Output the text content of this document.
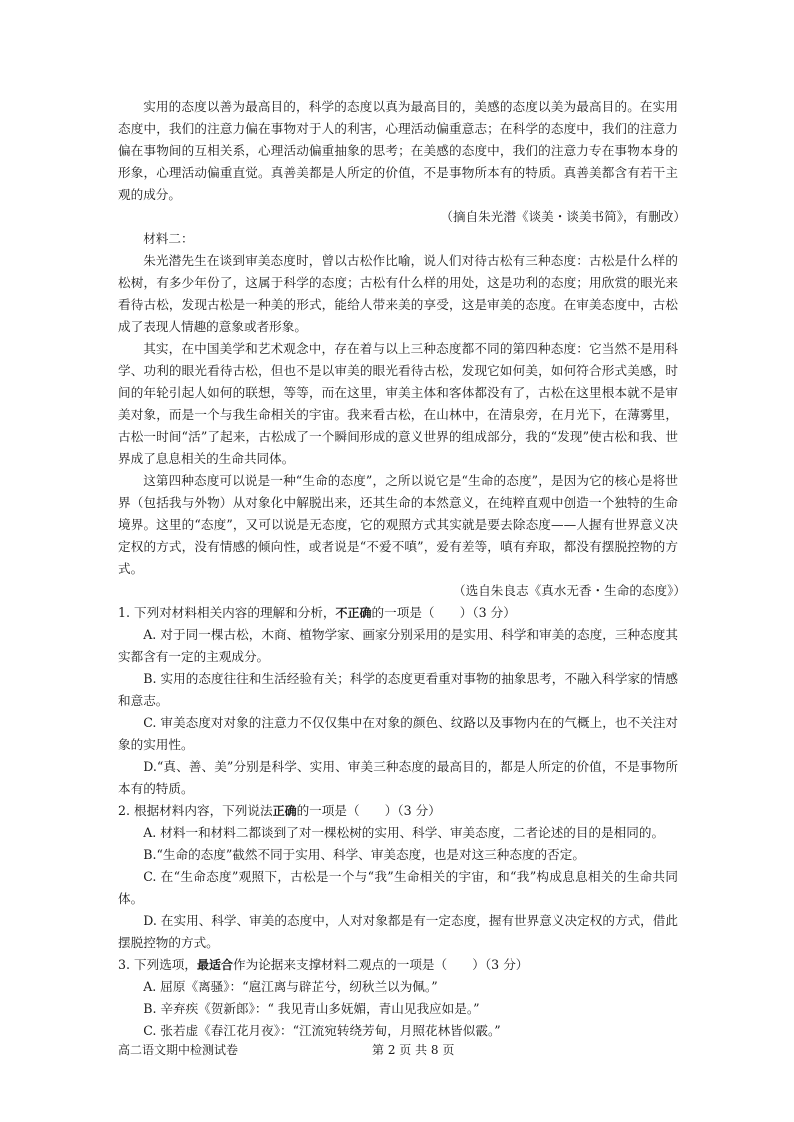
实用的态度以善为最高目的，科学的态度以真为最高目的，美感的态度以美为最高目的。在实用态度中，我们的注意力偏在事物对于人的利害，心理活动偏重意志；在科学的态度中，我们的注意力偏在事物间的互相关系，心理活动偏重抽象的思考；在美感的态度中，我们的注意力专在事物本身的形象，心理活动偏重直觉。真善美都是人所定的价值，不是事物所本有的特质。真善美都含有若干主观的成分。

（摘自朱光潜《谈美・谈美书简》，有删改）

材料二：

朱光潜先生在谈到审美态度时，曾以古松作比喻，说人们对待古松有三种态度：古松是什么样的松树，有多少年份了，这属于科学的态度；古松有什么样的用处，这是功利的态度；用欣赏的眼光来看待古松，发现古松是一种美的形式，能给人带来美的享受，这是审美的态度。在审美态度中，古松成了表现人情趣的意象或者形象。

其实，在中国美学和艺术观念中，存在着与以上三种态度都不同的第四种态度：它当然不是用科学、功利的眼光看待古松，但也不是以审美的眼光看待古松，发现它如何美，如何符合形式美感，时间的年轮引起人如何的联想，等等，而在这里，审美主体和客体都没有了，古松在这里根本就不是审美对象，而是一个与我生命相关的宇宙。我来看古松，在山林中，在清泉旁，在月光下，在薄雾里，古松一时间“活”了起来，古松成了一个瞬间形成的意义世界的组成部分，我的“发现”使古松和我、世界成了息息相关的生命共同体。

这第四种态度可以说是一种“生命的态度”，之所以说它是“生命的态度”，是因为它的核心是将世界（包括我与外物）从对象化中解脱出来，还其生命的本然意义，在纯粹直观中创造一个独特的生命境界。这里的“态度”，又可以说是无态度，它的观照方式其实就是要去除态度——人握有世界意义决定权的方式，没有情感的倾向性，或者说是“不爱不嗔”，爱有差等，嗔有弃取，都没有摆脱控物的方式。

（选自朱良志《真水无香・生命的态度》）

1. 下列对材料相关内容的理解和分析，不正确的一项是（　　）（3 分）

A. 对于同一棵古松，木商、植物学家、画家分别采用的是实用、科学和审美的态度，三种态度其实都含有一定的主观成分。

B. 实用的态度往往和生活经验有关；科学的态度更看重对事物的抽象思考，不融入科学家的情感和意志。

C. 审美态度对对象的注意力不仅仅集中在对象的颜色、纹路以及事物内在的气概上，也不关注对象的实用性。

D.“真、善、美”分别是科学、实用、审美三种态度的最高目的，都是人所定的价值，不是事物所本有的特质。

2. 根据材料内容，下列说法正确的一项是（　　）（3 分）

A. 材料一和材料二都谈到了对一棵松树的实用、科学、审美态度，二者论述的目的是相同的。

B.“生命的态度”截然不同于实用、科学、审美态度，也是对这三种态度的否定。

C. 在“生命态度”观照下，古松是一个与“我”生命相关的宇宙，和“我”构成息息相关的生命共同体。

D. 在实用、科学、审美的态度中，人对对象都是有一定态度，握有世界意义决定权的方式，借此摆脱控物的方式。

3. 下列选项，最适合作为论据来支撑材料二观点的一项是（　　）（3 分）

A. 屈原《离骚》：“扈江离与辟芷兮，纫秋兰以为佩。”

B. 辛弃疾《贺新郎》：“ 我见青山多妩媚，青山见我应如是。”

C. 张若虚《春江花月夜》：“江流宛转绕芳甸，月照花林皆似霰。”

高二语文期中检测试卷	第 2 页 共 8 页
